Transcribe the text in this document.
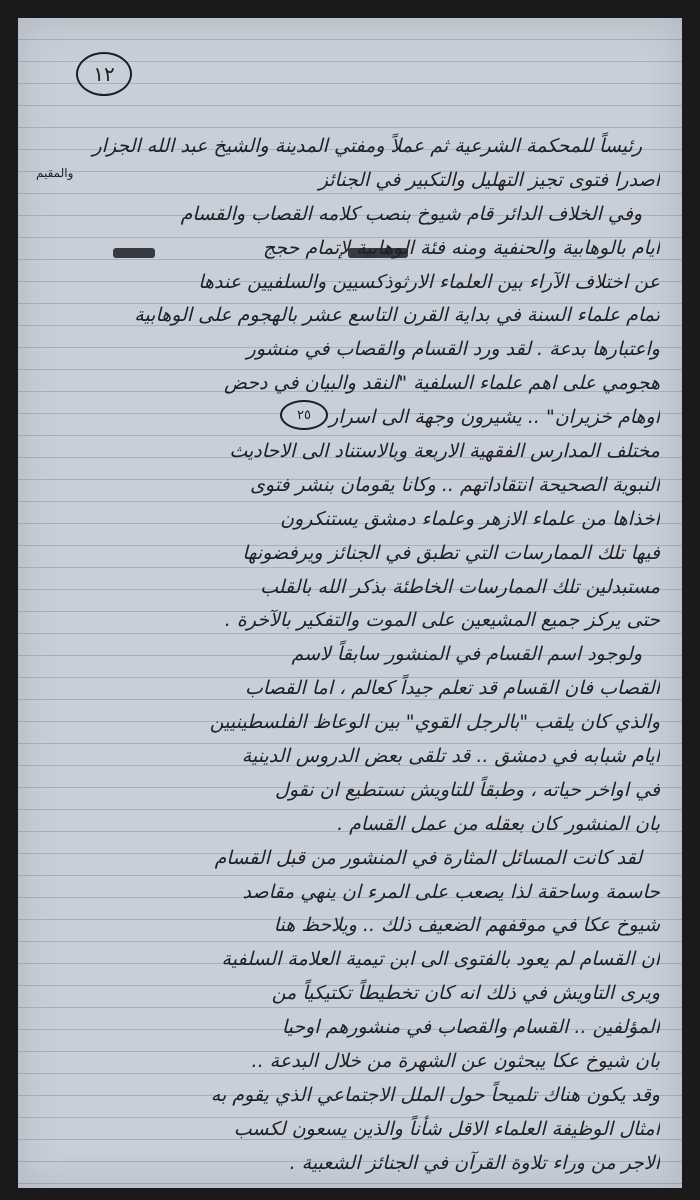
١٢
والمقيم
٢٥
رئيساً للمحكمة الشرعية ثم عملاً ومفتي المدينة والشيخ عبد الله الجزار
اصدرا فتوى تجيز التهليل والتكبير في الجنائز
وفي الخلاف الدائر قام شيوخ بنصب كلامه القصاب والقسام
ايام بالوهابية والحنفية ومنه فئة الوهابية لإتمام حجج
عن اختلاف الآراء بين العلماء الارثوذكسيين والسلفيين عندها
تمام علماء السنة في بداية القرن التاسع عشر بالهجوم على الوهابية
واعتبارها بدعة . لقد ورد القسام والقصاب في منشور
هجومي على اهم علماء السلفية "النقد والبيان في دحض
اوهام خزيران" .. يشيرون وجهة الى اسرار
مختلف المدارس الفقهية الاربعة وبالاستناد الى الاحاديث
النبوية الصحيحة انتقاداتهم .. وكانا يقومان بنشر فتوى
اخذاها من علماء الازهر وعلماء دمشق يستنكرون
فيها تلك الممارسات التي تطبق في الجنائز ويرفضونها
مستبدلين تلك الممارسات الخاطئة بذكر الله بالقلب
حتى يركز جميع المشيعين على الموت والتفكير بالآخرة .
ولوجود اسم القسام في المنشور سابقاً لاسم
القصاب فان القسام قد تعلم جيداً كعالم ، اما القصاب
والذي كان يلقب "بالرجل القوي" بين الوعاظ الفلسطينيين
ايام شبابه في دمشق .. قد تلقى بعض الدروس الدينية
في اواخر حياته ، وطبقاً للتاويش نستطيع ان نقول
بان المنشور كان بعقله من عمل القسام .
لقد كانت المسائل المثارة في المنشور من قبل القسام
حاسمة وساحقة لذا يصعب على المرء ان ينهي مقاصد
شيوخ عكا في موقفهم الضعيف ذلك .. ويلاحظ هنا
ان القسام لم يعود بالفتوى الى ابن تيمية العلامة السلفية
ويرى التاويش في ذلك انه كان تخطيطاً تكتيكياً من
المؤلفين .. القسام والقصاب في منشورهم اوحيا
بان شيوخ عكا يبحثون عن الشهرة من خلال البدعة ..
وقد يكون هناك تلميحاً حول الملل الاجتماعي الذي يقوم به
امثال الوظيفة العلماء الاقل شأناً والذين يسعون لكسب
الاجر من وراء تلاوة القرآن في الجنائز الشعبية .
